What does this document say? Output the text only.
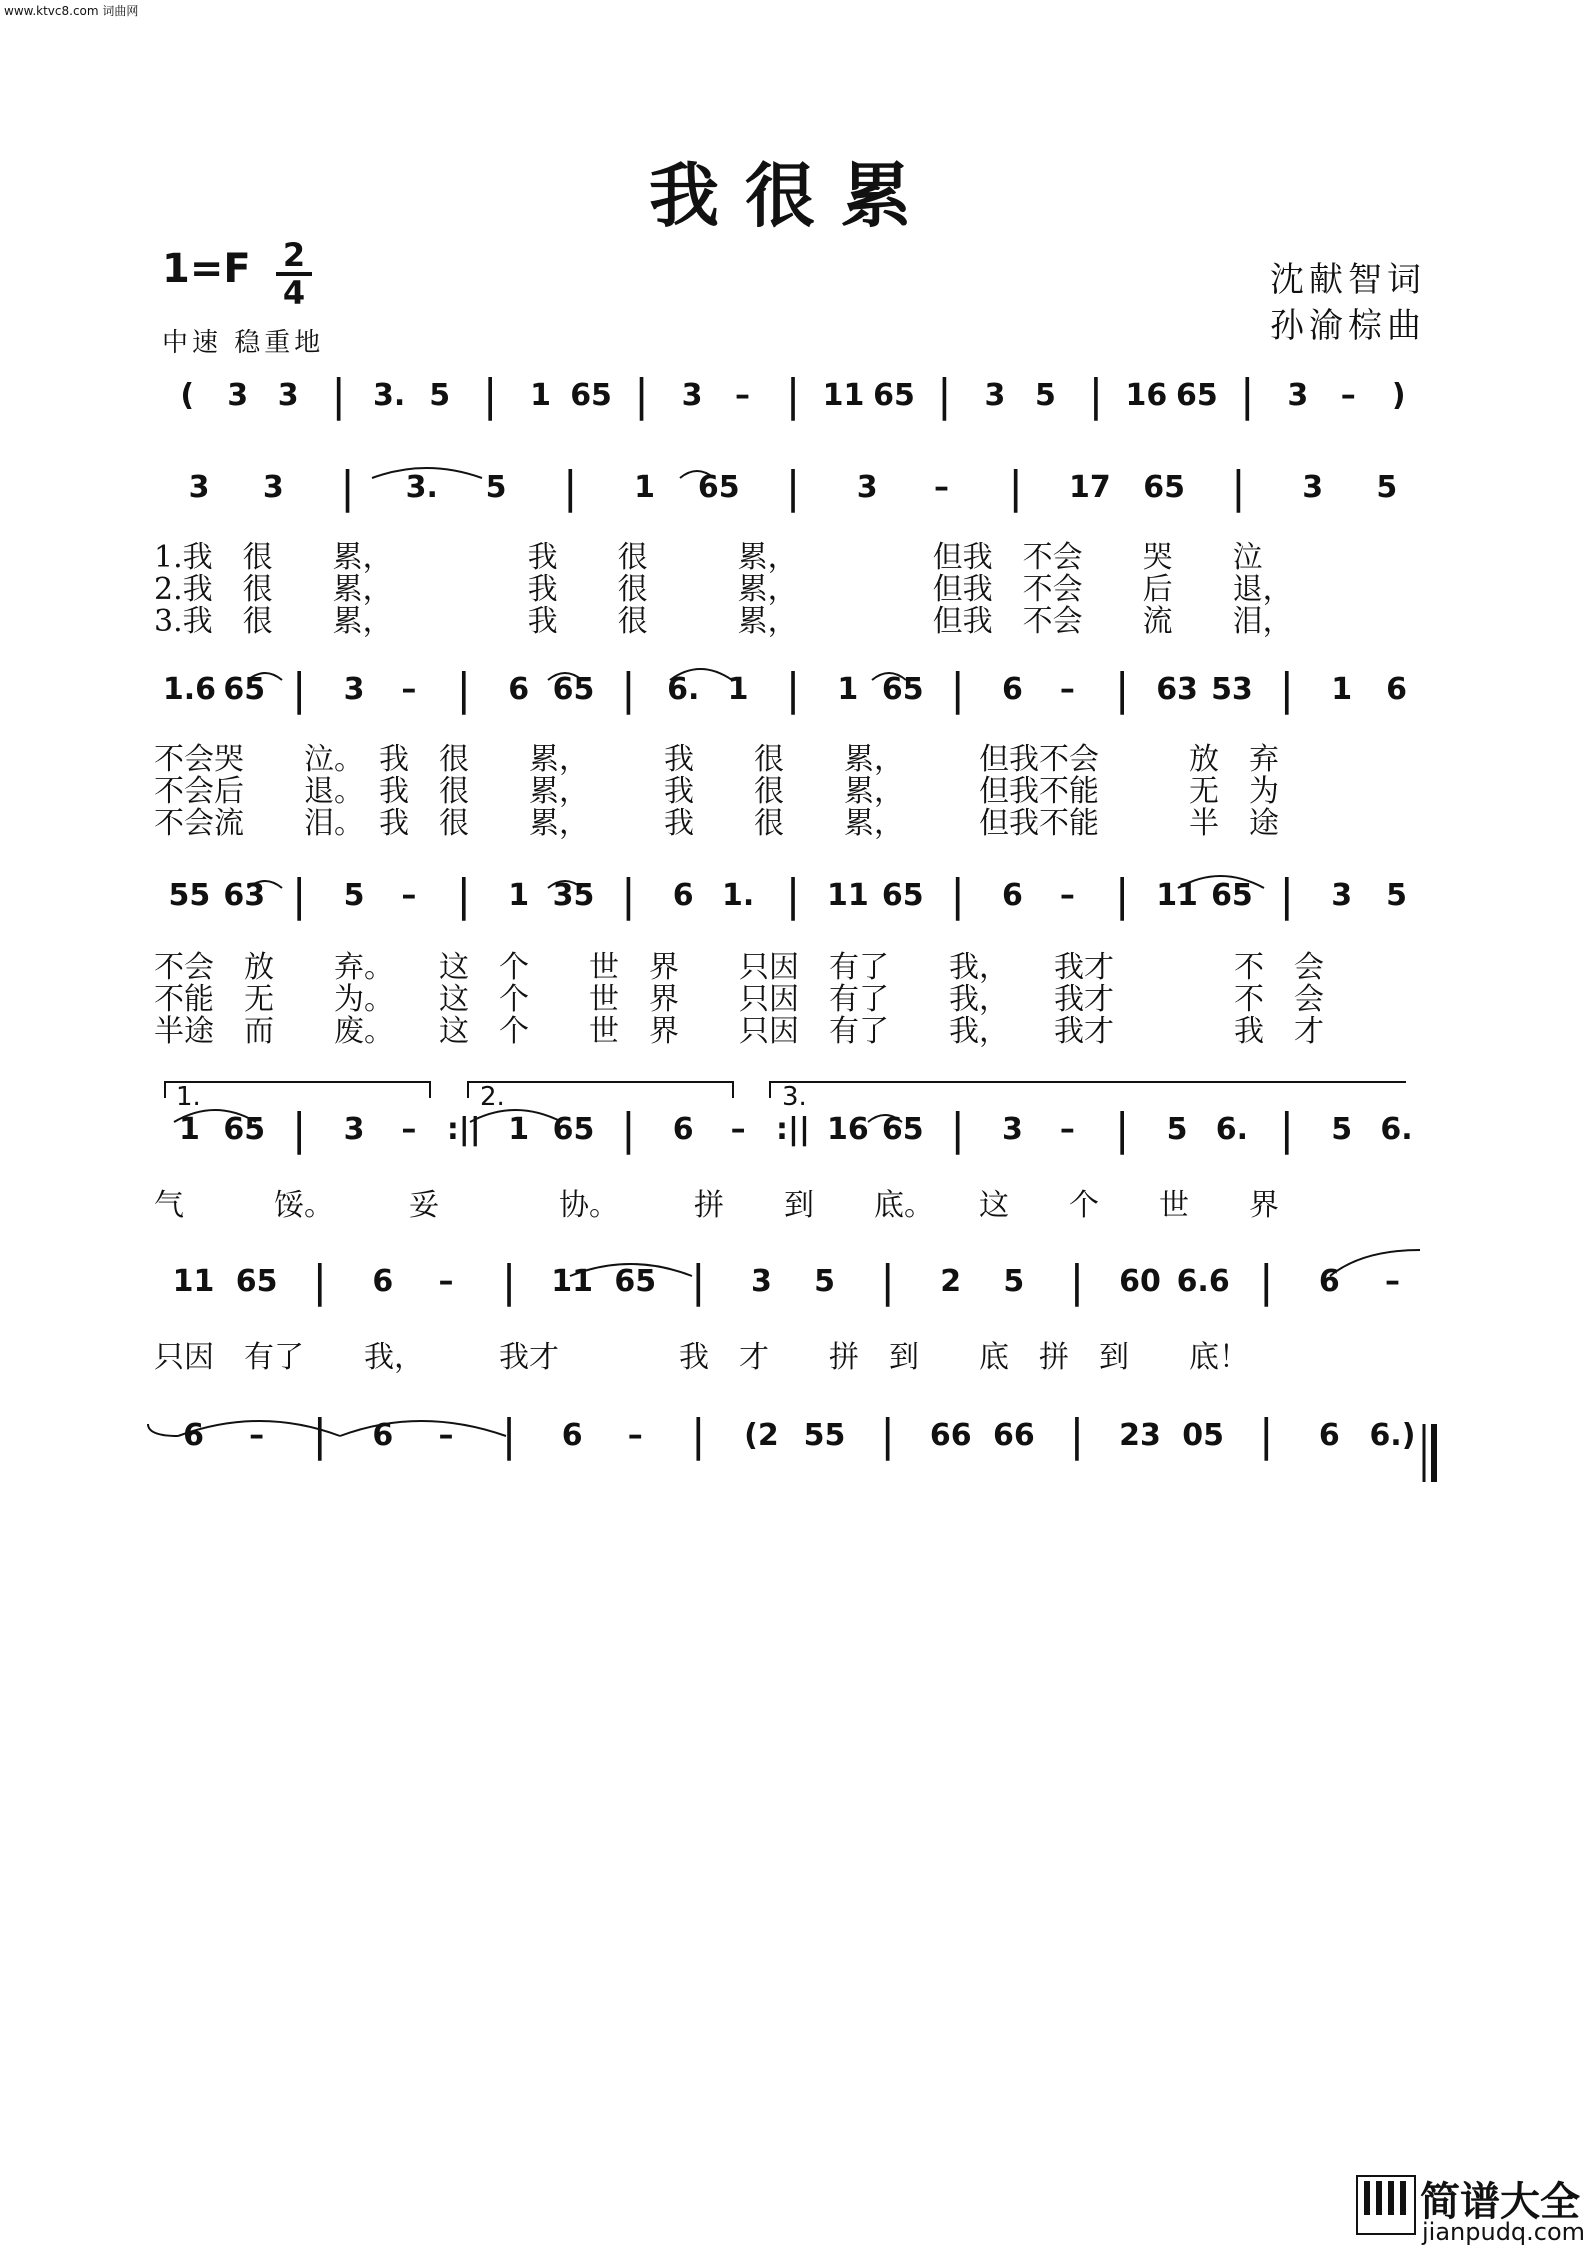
www.ktvc8.com 词曲网
我很累
1=F 2
4
中速 稳重地
沈献智词
孙渝棕曲
(	3 3 | 3. 5 |	1 65 |	3	– | 11 65 |	3 5 | 16 65 |	3	–	)
3	3	|	3.	5	|	1	65	|	3	–	|	17	65	|	3	5
1.我　很　　累，　　　　　我　　很　　　累，　　　　　但我　不会　　哭　　泣
2.我　很　　累，　　　　　我　　很　　　累，　　　　　但我　不会　　后　　退，
3.我　很　　累，　　　　　我　　很　　　累，　　　　　但我　不会　　流　　泪，
1.6 65 |	3	– |	6 65 |	6. 1 |	1 65 |	6	– | 63 53 |	1	6
不会哭　　泣。　我　很　　累，　　　我　　很　　累，　　　但我不会　　　放　弃
不会后　　退。　我　很　　累，　　　我　　很　　累，　　　但我不能　　　无　为
不会流　　泪。　我　很　　累，　　　我　　很　　累，　　　但我不能　　　半　途
55 63 |	5	– |	1 35 |	6 1. | 11 65 |	6	– | 11 65 |	3	5
不会　放　　弃。　　这　个　　世　界　　只因　有了　　我，　　我才　　　　不　会
不能　无　　为。　　这　个　　世　界　　只因　有了　　我，　　我才　　　　不　会
半途　而　　废。　　这　个　　世　界　　只因　有了　　我，　　我才　　　　我　才
1 65 |	3	–	:|| 1 65 |	6	–	:|| 16 65 |	3	– |	5 6. |	5 6.
气　　　馁。　　　妥　　　　协。　　　拼　　到　　底。　　这　　个　　世　　界
11 65 |	6	–	|	11 65 |	3	5	|	2	5	|	60 6.6 |	6	–
只因　有了　　我，　　　我才　　　　我　才　　拼　到　　底　拼　到　　底！
6	–	|	6	–	|	6	–	|	(2 55 |	66 66 |	23 05 |	6 6.)
1.	2.	3.
简谱大全
jianpudq.com
